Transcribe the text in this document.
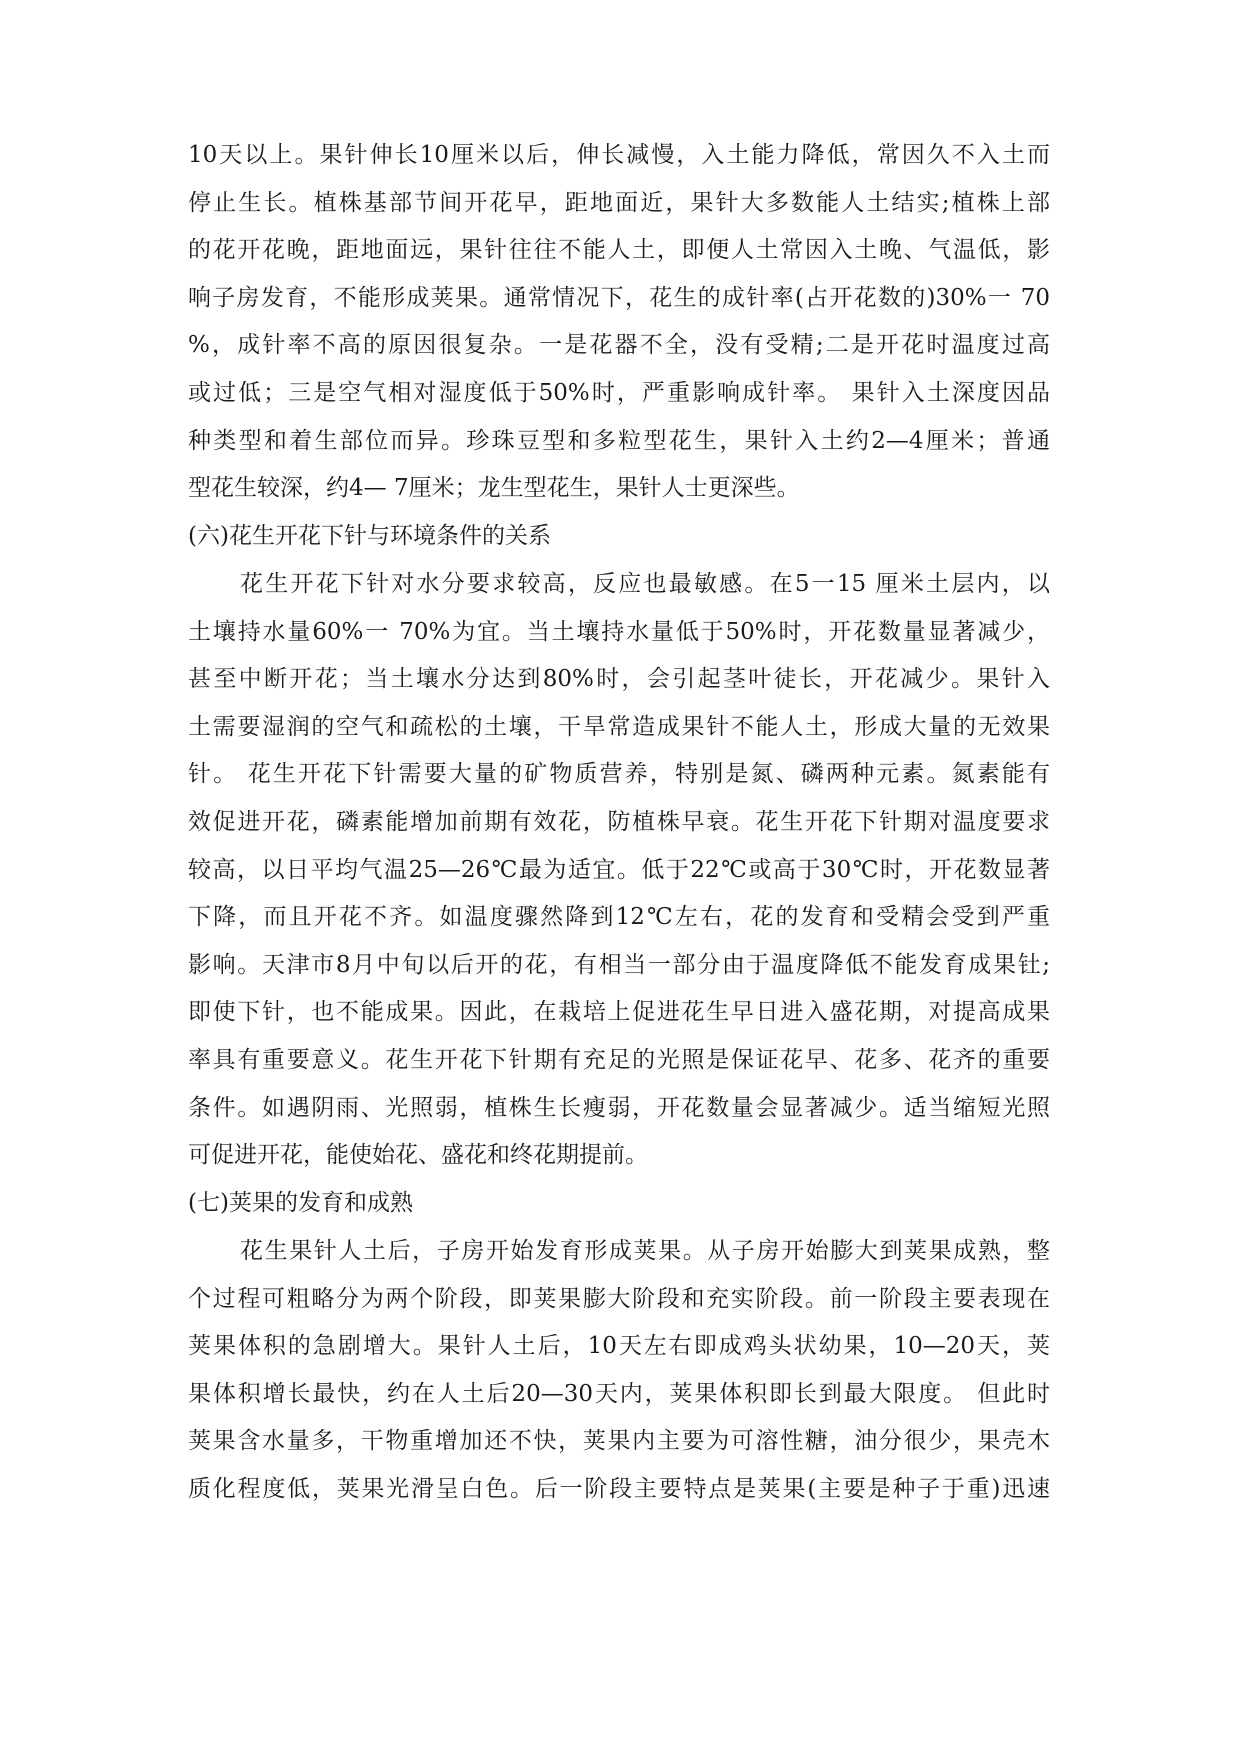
10天以上。果针伸长10厘米以后，伸长减慢，入土能力降低，常因久不入土而
停止生长。植株基部节间开花早，距地面近，果针大多数能人土结实;植株上部
的花开花晚，距地面远，果针往往不能人土，即便人土常因入土晚、气温低，影
响子房发育，不能形成荚果。通常情况下，花生的成针率(占开花数的)30%一 70
%，成针率不高的原因很复杂。一是花器不全，没有受精;二是开花时温度过高
或过低；三是空气相对湿度低于50%时，严重影响成针率。 果针入土深度因品
种类型和着生部位而异。珍珠豆型和多粒型花生，果针入土约2—4厘米；普通
型花生较深，约4— 7厘米；龙生型花生，果针人士更深些。
(六)花生开花下针与环境条件的关系
花生开花下针对水分要求较高，反应也最敏感。在5一15 厘米土层内，以
土壤持水量60%一 70%为宜。当土壤持水量低于50%时，开花数量显著减少，
甚至中断开花；当土壤水分达到80%时，会引起茎叶徒长，开花减少。果针入
土需要湿润的空气和疏松的土壤，干旱常造成果针不能人土，形成大量的无效果
针。 花生开花下针需要大量的矿物质营养，特别是氮、磷两种元素。氮素能有
效促进开花，磷素能增加前期有效花，防植株早衰。花生开花下针期对温度要求
较高，以日平均气温25—26℃最为适宜。低于22℃或高于30℃时，开花数显著
下降，而且开花不齐。如温度骤然降到12℃左右，花的发育和受精会受到严重
影响。天津市8月中旬以后开的花，有相当一部分由于温度降低不能发育成果钍;
即使下针，也不能成果。因此，在栽培上促进花生早日进入盛花期，对提高成果
率具有重要意义。花生开花下针期有充足的光照是保证花早、花多、花齐的重要
条件。如遇阴雨、光照弱，植株生长瘦弱，开花数量会显著减少。适当缩短光照
可促进开花，能使始花、盛花和终花期提前。
(七)荚果的发育和成熟
花生果针人土后，子房开始发育形成荚果。从子房开始膨大到荚果成熟，整
个过程可粗略分为两个阶段，即荚果膨大阶段和充实阶段。前一阶段主要表现在
荚果体积的急剧增大。果针人土后，10天左右即成鸡头状幼果，10—20天，荚
果体积增长最快，约在人土后20—30天内，荚果体积即长到最大限度。 但此时
荚果含水量多，干物重增加还不快，荚果内主要为可溶性糖，油分很少，果壳木
质化程度低，荚果光滑呈白色。后一阶段主要特点是荚果(主要是种子于重)迅速
